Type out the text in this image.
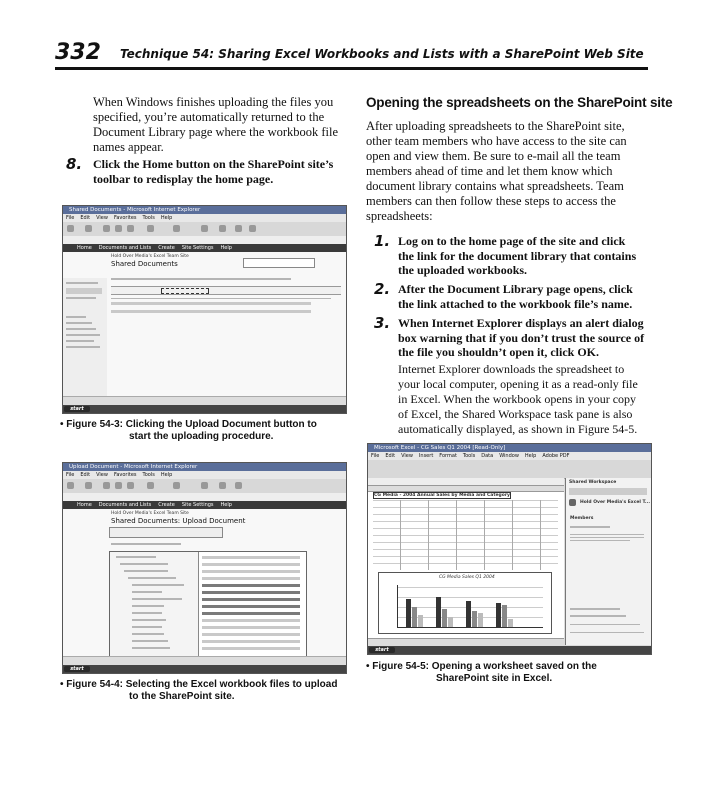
332 Technique 54: Sharing Excel Workbooks and Lists with a SharePoint Web Site
When Windows finishes uploading the files you
specified, you’re automatically returned to the
Document Library page where the workbook file
names appear.
8. Click the Home button on the SharePoint site’s
toolbar to redisplay the home page.
Shared Documents - Microsoft Internet Explorer
File Edit View Favorites Tools Help
Home Documents and Lists Create Site Settings Help
Hold Over Media's Excel Team Site
Shared Documents
start
• Figure 54-3: Clicking the Upload Document button to
start the uploading procedure.
Upload Document - Microsoft Internet Explorer
File Edit View Favorites Tools Help
Home Documents and Lists Create Site Settings Help
Hold Over Media's Excel Team Site
Shared Documents: Upload Document
start
• Figure 54-4: Selecting the Excel workbook files to upload
to the SharePoint site.
Opening the spreadsheets on the SharePoint site
After uploading spreadsheets to the SharePoint site,
other team members who have access to the site can
open and view them. Be sure to e-mail all the team
members ahead of time and let them know which
document library contains what spreadsheets. Team
members can then follow these steps to access the
spreadsheets:
1. Log on to the home page of the site and click
the link for the document library that contains
the uploaded workbooks.
2. After the Document Library page opens, click
the link attached to the workbook file’s name.
3. When Internet Explorer displays an alert dialog
box warning that if you don’t trust the source of
the file you shouldn’t open it, click OK.
Internet Explorer downloads the spreadsheet to
your local computer, opening it as a read-only file
in Excel. When the workbook opens in your copy
of Excel, the Shared Workspace task pane is also
automatically displayed, as shown in Figure 54-5.
Microsoft Excel - CG Sales Q1 2004 [Read-Only]
File Edit View Insert Format Tools Data Window Help Adobe PDF
CG Media - 2004 Annual Sales by Media and Category
CG Media Sales Q1 2004
Shared Workspace
Hold Over Media's Excel T...
Members
start
• Figure 54-5: Opening a worksheet saved on the
SharePoint site in Excel.
